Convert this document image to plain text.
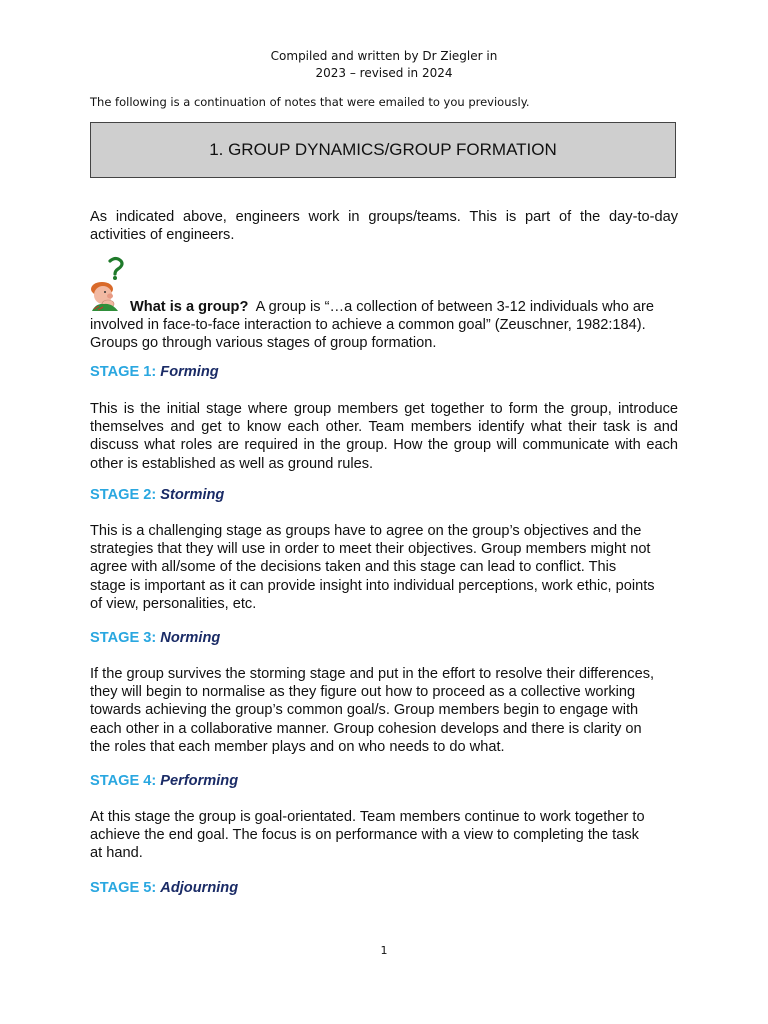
Compiled and written by Dr Ziegler in
2023 – revised in 2024
The following is a continuation of notes that were emailed to you previously.
1. GROUP DYNAMICS/GROUP FORMATION
As indicated above, engineers work in groups/teams. This is part of the day-to-day
activities of engineers.
What is a group?  A group is “…a collection of between 3-12 individuals who are
involved in face-to-face interaction to achieve a common goal” (Zeuschner, 1982:184).
Groups go through various stages of group formation.
STAGE 1: Forming
This is the initial stage where group members get together to form the group, introduce
themselves and get to know each other. Team members identify what their task is and
discuss what roles are required in the group. How the group will communicate with each
other is established as well as ground rules.
STAGE 2: Storming
This is a challenging stage as groups have to agree on the group’s objectives and the
strategies that they will use in order to meet their objectives. Group members might not
agree with all/some of the decisions taken and this stage can lead to conflict. This
stage is important as it can provide insight into individual perceptions, work ethic, points
of view, personalities, etc.
STAGE 3: Norming
If the group survives the storming stage and put in the effort to resolve their differences,
they will begin to normalise as they figure out how to proceed as a collective working
towards achieving the group’s common goal/s. Group members begin to engage with
each other in a collaborative manner. Group cohesion develops and there is clarity on
the roles that each member plays and on who needs to do what.
STAGE 4: Performing
At this stage the group is goal-orientated. Team members continue to work together to
achieve the end goal. The focus is on performance with a view to completing the task
at hand.
STAGE 5: Adjourning
1
